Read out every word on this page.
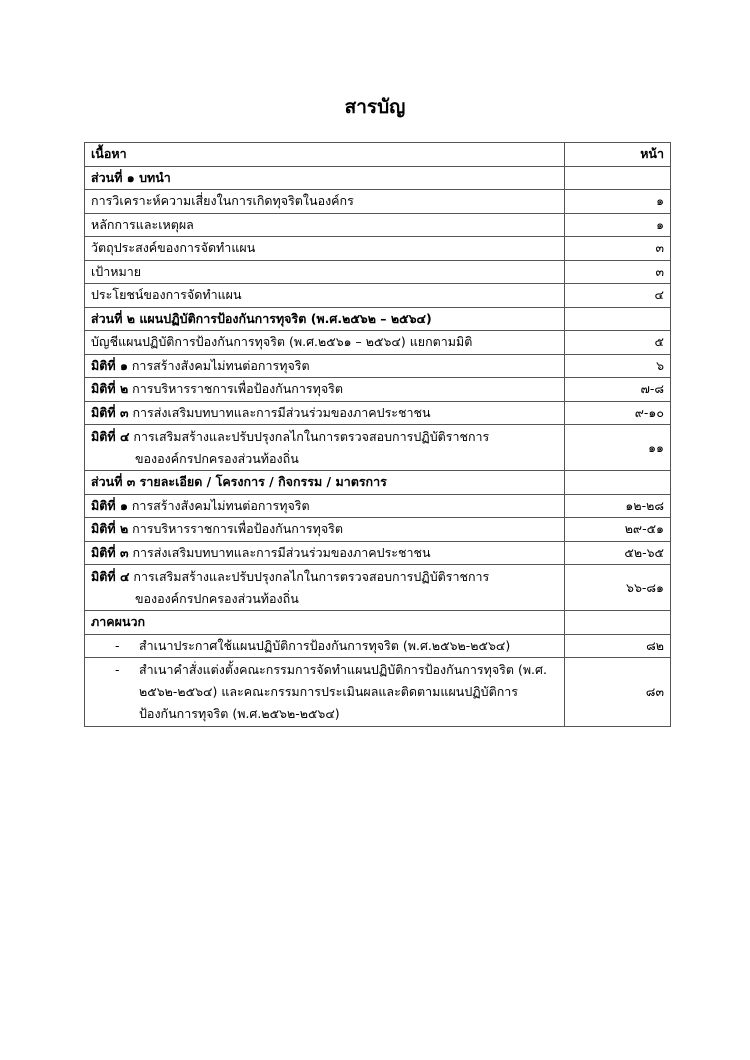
สารบัญ
เนื้อหา	หน้า
ส่วนที่ ๑ บทนำ	
การวิเคราะห์ความเสี่ยงในการเกิดทุจริตในองค์กร	๑
หลักการและเหตุผล	๑
วัตถุประสงค์ของการจัดทำแผน	๓
เป้าหมาย	๓
ประโยชน์ของการจัดทำแผน	๔
ส่วนที่ ๒ แผนปฏิบัติการป้องกันการทุจริต (พ.ศ.๒๕๖๒ – ๒๕๖๔)	
บัญชีแผนปฏิบัติการป้องกันการทุจริต (พ.ศ.๒๕๖๑ – ๒๕๖๔) แยกตามมิติ	๕

มิติที่ ๑ การสร้างสังคมไม่ทนต่อการทุจริต	๖

มิติที่ ๒ การบริหารราชการเพื่อป้องกันการทุจริต	๗-๘

มิติที่ ๓ การส่งเสริมบทบาทและการมีส่วนร่วมของภาคประชาชน	๙-๑๐

มิติที่ ๔ การเสริมสร้างและปรับปรุงกลไกในการตรวจสอบการปฏิบัติราชการ
ขององค์กรปกครองส่วนท้องถิ่น	๑๑
ส่วนที่ ๓ รายละเอียด / โครงการ / กิจกรรม / มาตรการ	

มิติที่ ๑ การสร้างสังคมไม่ทนต่อการทุจริต	๑๒-๒๘

มิติที่ ๒ การบริหารราชการเพื่อป้องกันการทุจริต	๒๙-๕๑

มิติที่ ๓ การส่งเสริมบทบาทและการมีส่วนร่วมของภาคประชาชน	๕๒-๖๕

มิติที่ ๔ การเสริมสร้างและปรับปรุงกลไกในการตรวจสอบการปฏิบัติราชการ
ขององค์กรปกครองส่วนท้องถิ่น	๖๖-๘๑
ภาคผนวก	

- สำเนาประกาศใช้แผนปฏิบัติการป้องกันการทุจริต (พ.ศ.๒๕๖๒-๒๕๖๔)	๘๒

- สำเนาคำสั่งแต่งตั้งคณะกรรมการจัดทำแผนปฏิบัติการป้องกันการทุจริต (พ.ศ.
๒๕๖๒-๒๕๖๔) และคณะกรรมการประเมินผลและติดตามแผนปฏิบัติการ
ป้องกันการทุจริต (พ.ศ.๒๕๖๒-๒๕๖๔)	๘๓
